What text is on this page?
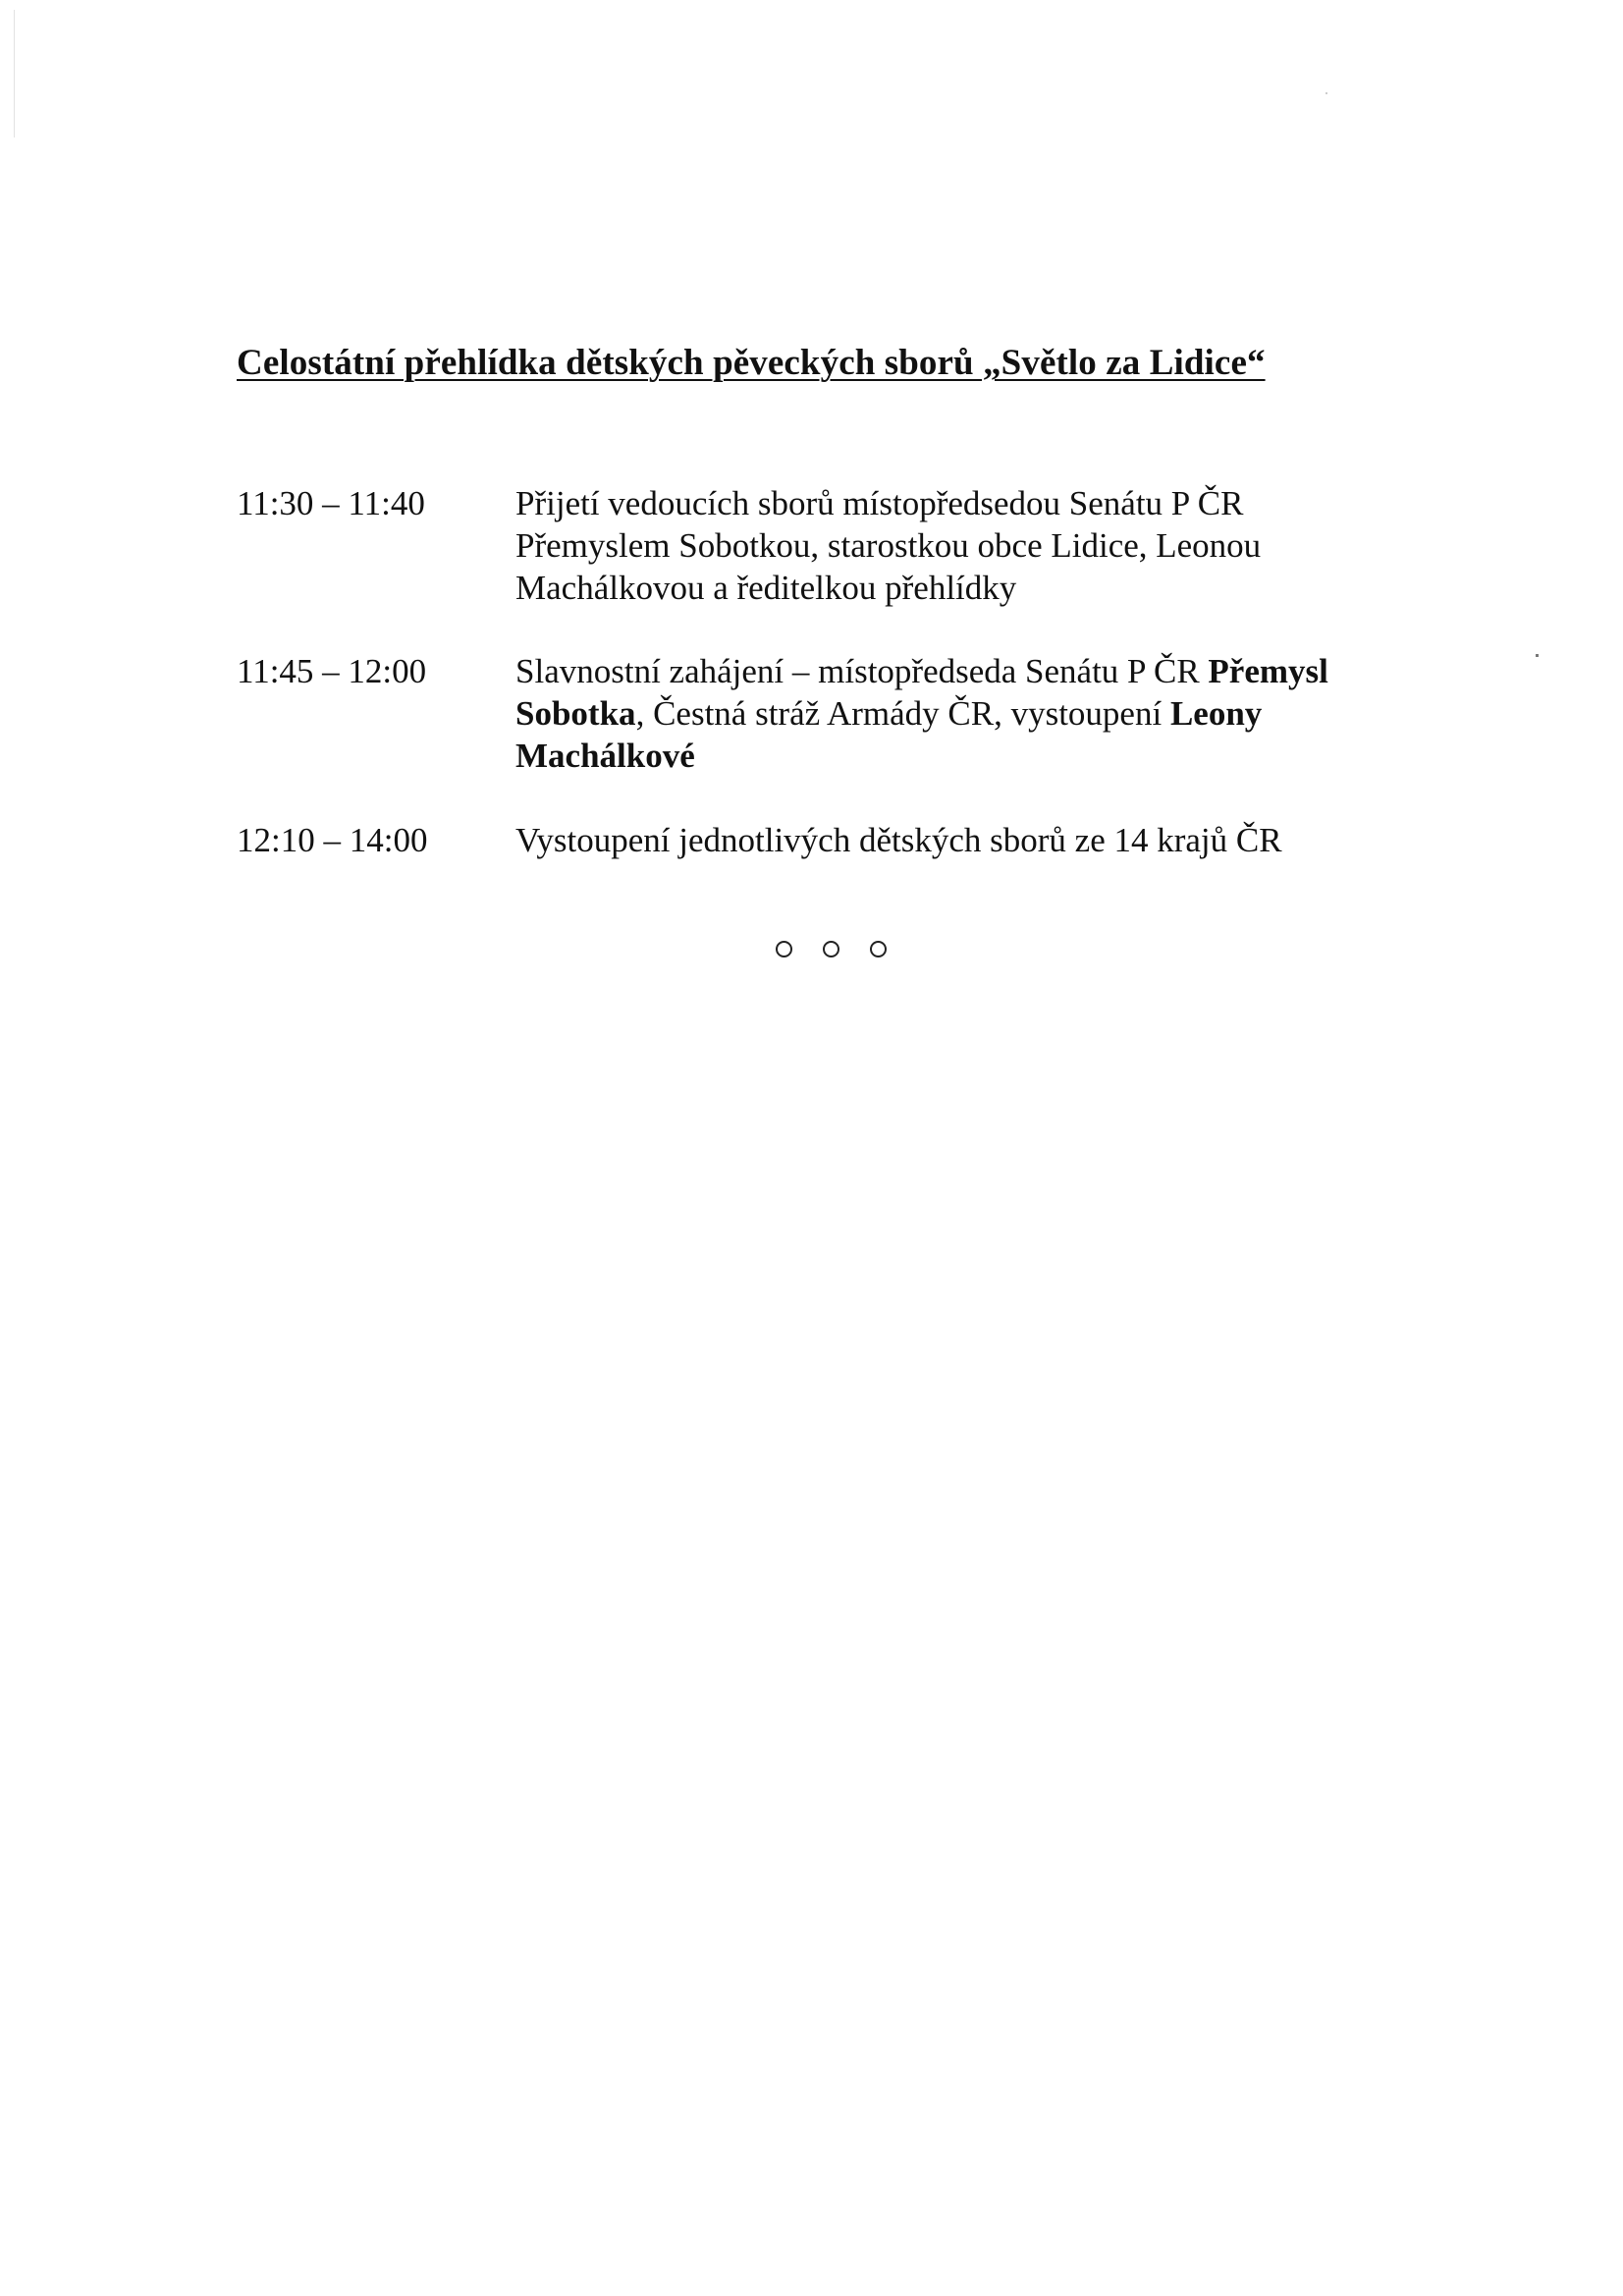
Celostátní přehlídka dětských pěveckých sborů „Světlo za Lidice“
11:30 – 11:40	Přijetí vedoucích sborů místopředsedou Senátu P ČR
Přemyslem Sobotkou, starostkou obce Lidice, Leonou
Machálkovou a ředitelkou přehlídky
11:45 – 12:00	Slavnostní zahájení – místopředseda Senátu P ČR Přemysl Sobotka, Čestná stráž Armády ČR, vystoupení Leony Machálkové
12:10 – 14:00	Vystoupení jednotlivých dětských sborů ze 14 krajů ČR
